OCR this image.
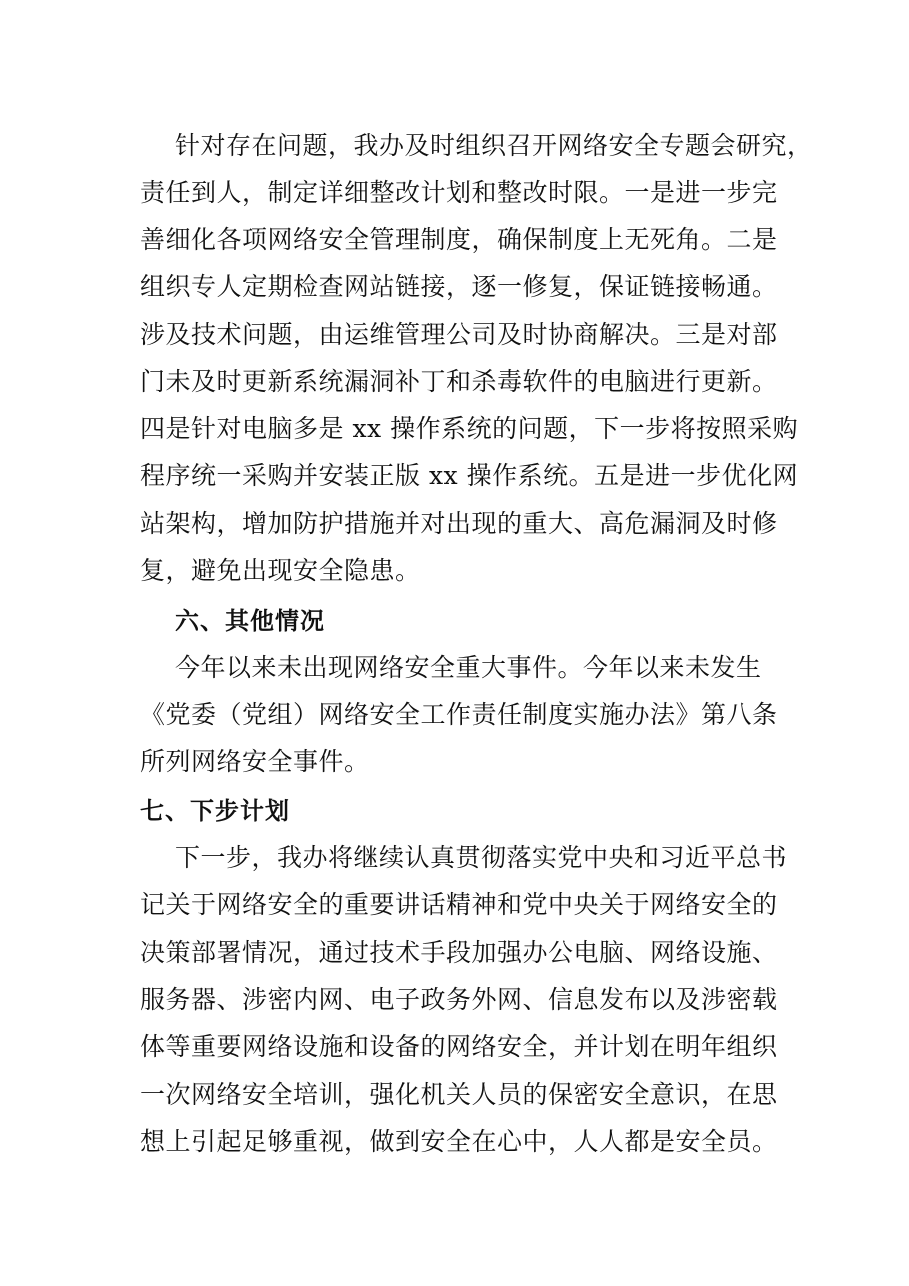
针对存在问题，我办及时组织召开网络安全专题会研究，
责任到人，制定详细整改计划和整改时限。一是进一步完
善细化各项网络安全管理制度，确保制度上无死角。二是
组织专人定期检查网站链接，逐一修复，保证链接畅通。
涉及技术问题，由运维管理公司及时协商解决。三是对部
门未及时更新系统漏洞补丁和杀毒软件的电脑进行更新。
四是针对电脑多是 xx 操作系统的问题，下一步将按照采购
程序统一采购并安装正版 xx 操作系统。五是进一步优化网
站架构，增加防护措施并对出现的重大、高危漏洞及时修
复，避免出现安全隐患。
六、其他情况
今年以来未出现网络安全重大事件。今年以来未发生
《党委（党组）网络安全工作责任制度实施办法》第八条
所列网络安全事件。
七、下步计划
下一步，我办将继续认真贯彻落实党中央和习近平总书
记关于网络安全的重要讲话精神和党中央关于网络安全的
决策部署情况，通过技术手段加强办公电脑、网络设施、
服务器、涉密内网、电子政务外网、信息发布以及涉密载
体等重要网络设施和设备的网络安全，并计划在明年组织
一次网络安全培训，强化机关人员的保密安全意识，在思
想上引起足够重视，做到安全在心中，人人都是安全员。
